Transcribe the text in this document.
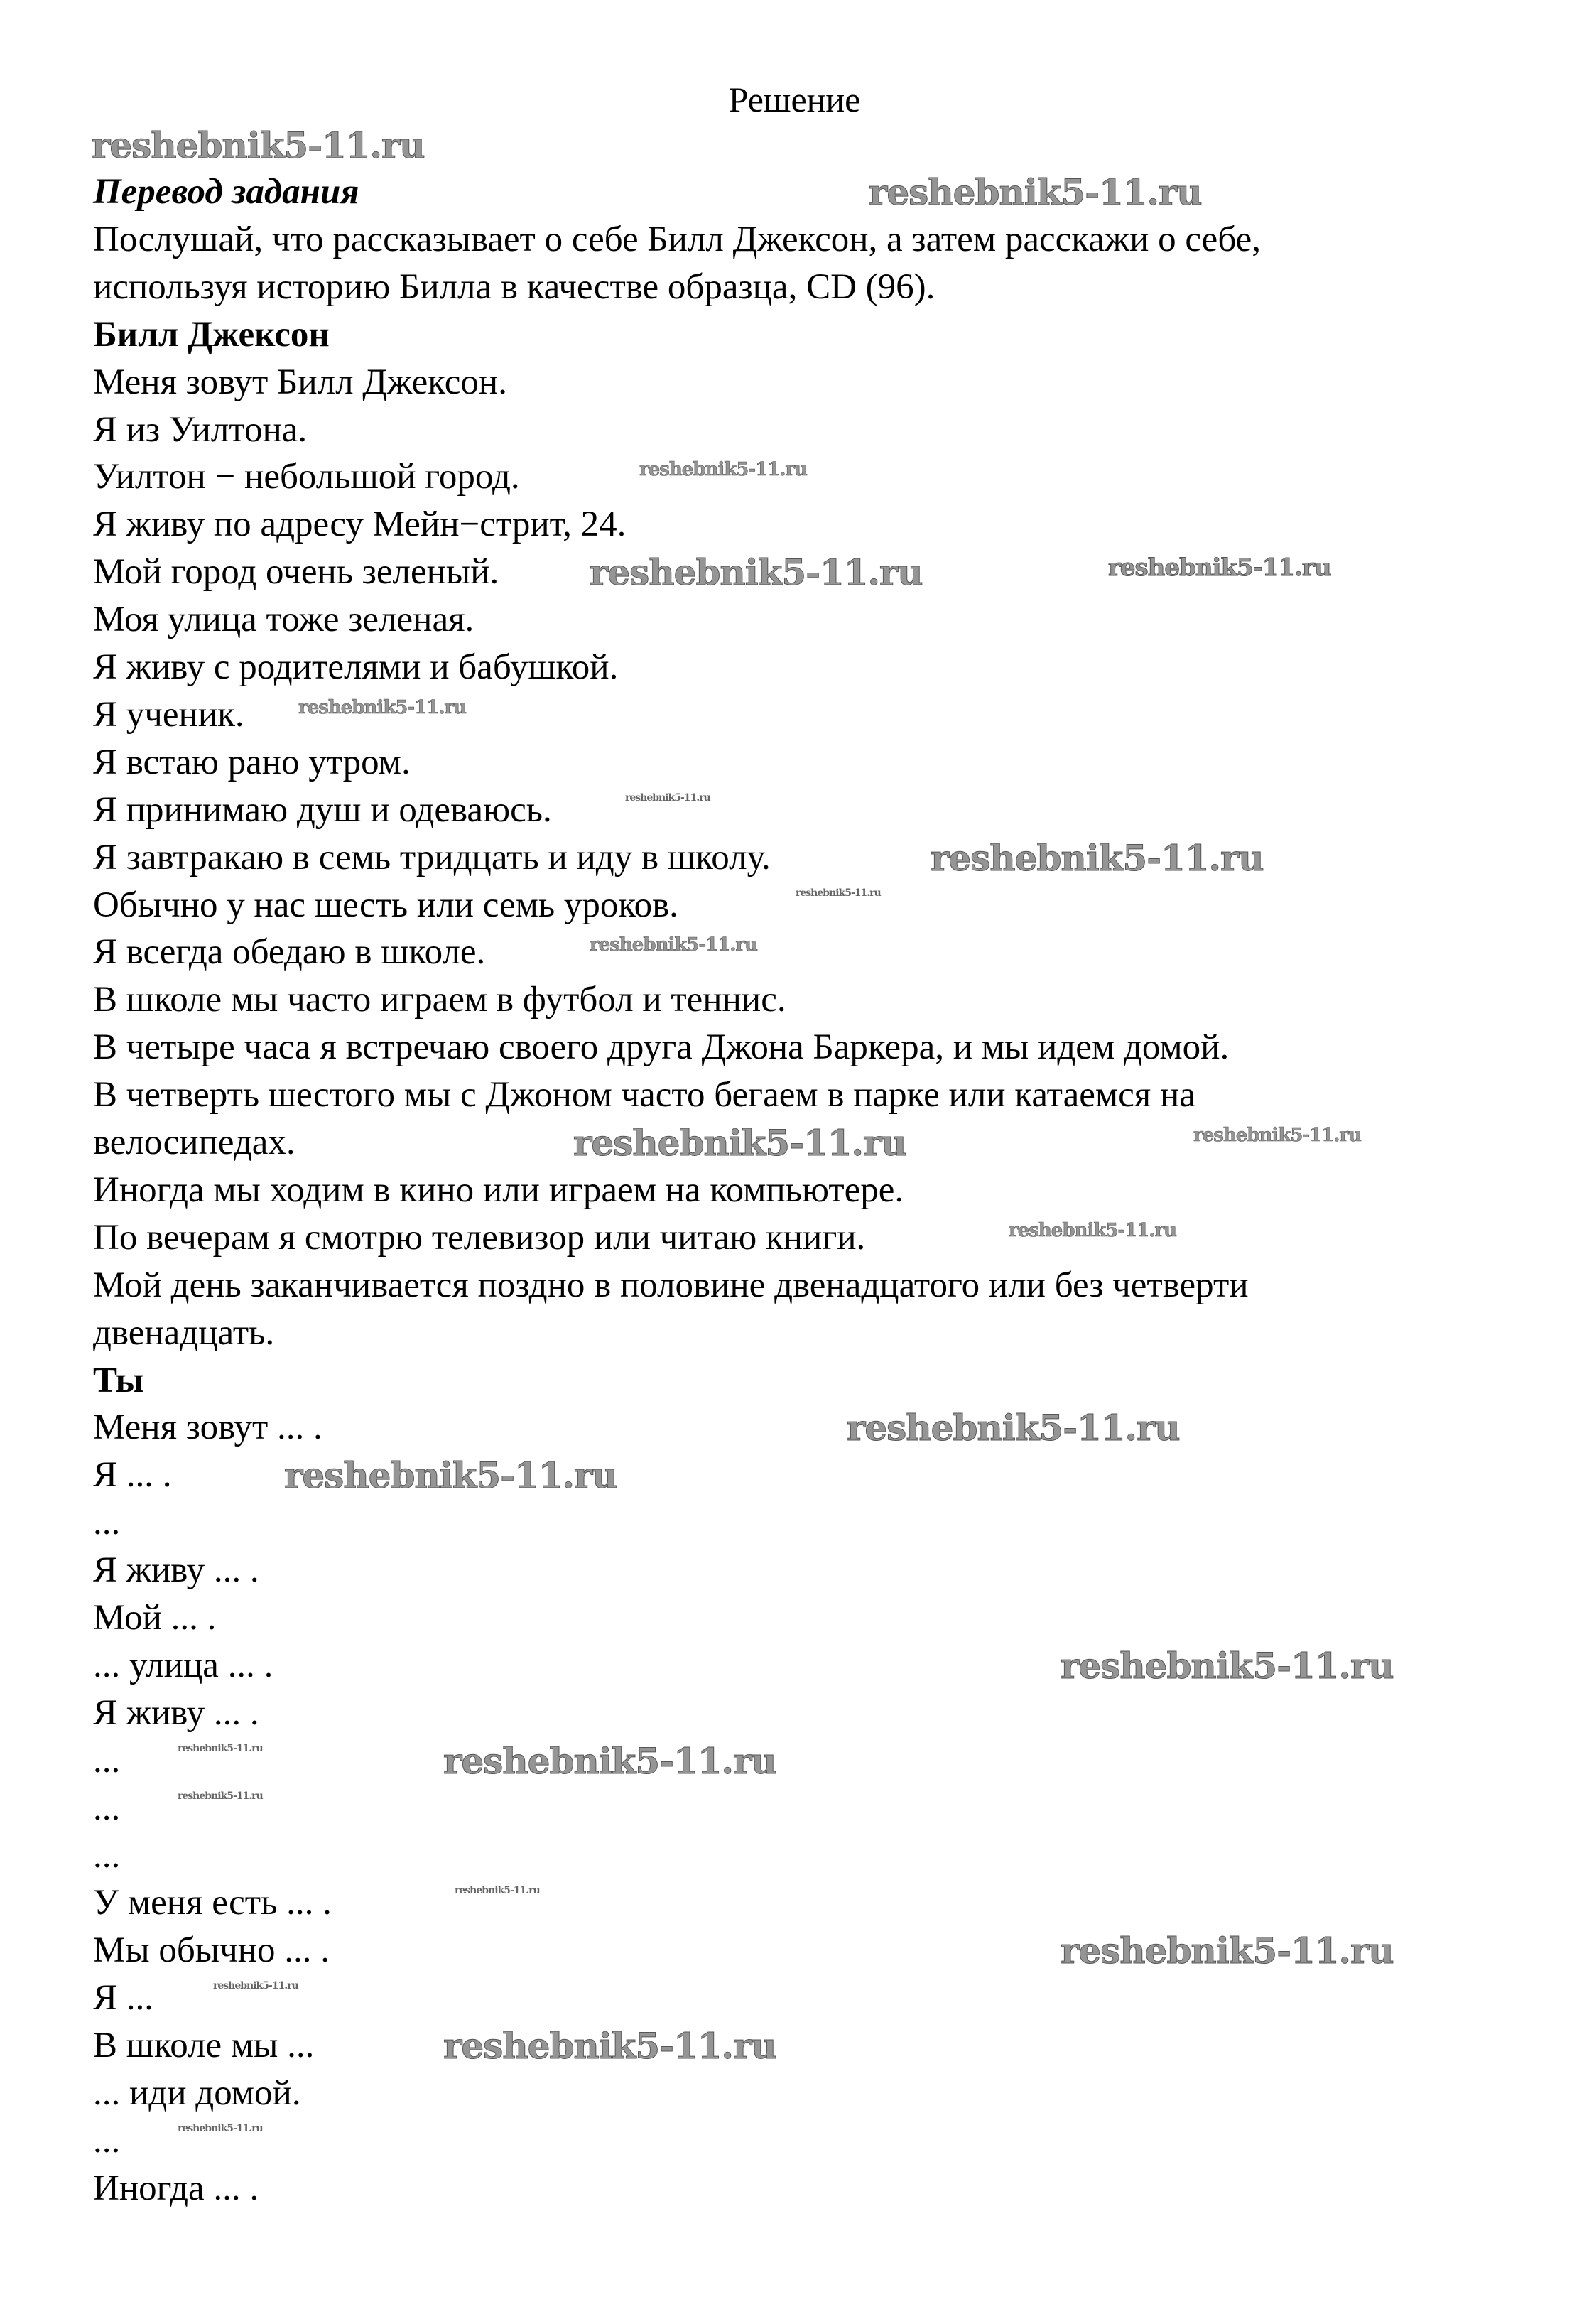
Решение
Перевод задания
Послушай, что рассказывает о себе Билл Джексон, а затем расскажи о себе,
используя историю Билла в качестве образца, CD (96).
Билл Джексон
Меня зовут Билл Джексон.
Я из Уилтона.
Уилтон − небольшой город.
Я живу по адресу Мейн−стрит, 24.
Мой город очень зеленый.
Моя улица тоже зеленая.
Я живу с родителями и бабушкой.
Я ученик.
Я встаю рано утром.
Я принимаю душ и одеваюсь.
Я завтракаю в семь тридцать и иду в школу.
Обычно у нас шесть или семь уроков.
Я всегда обедаю в школе.
В школе мы часто играем в футбол и теннис.
В четыре часа я встречаю своего друга Джона Баркера, и мы идем домой.
В четверть шестого мы с Джоном часто бегаем в парке или катаемся на
велосипедах.
Иногда мы ходим в кино или играем на компьютере.
По вечерам я смотрю телевизор или читаю книги.
Мой день заканчивается поздно в половине двенадцатого или без четверти
двенадцать.
Ты
Меня зовут ... .
Я ... .
...
Я живу ... .
Мой ... .
... улица ... .
Я живу ... .
...
...
...
У меня есть ... .
Мы обычно ... .
Я ...
В школе мы ...
... иди домой.
...
Иногда ... .
reshebnik5-11.ru
reshebnik5-11.ru
reshebnik5-11.ru
reshebnik5-11.ru	reshebnik5-11.ru
reshebnik5-11.ru
reshebnik5-11.ru
reshebnik5-11.ru
reshebnik5-11.ru
reshebnik5-11.ru
reshebnik5-11.ru
reshebnik5-11.ru
reshebnik5-11.ru
reshebnik5-11.ru
reshebnik5-11.ru
reshebnik5-11.ru
reshebnik5-11.ru
reshebnik5-11.ru
reshebnik5-11.ru
reshebnik5-11.ru
reshebnik5-11.ru
reshebnik5-11.ru
reshebnik5-11.ru
reshebnik5-11.ru
